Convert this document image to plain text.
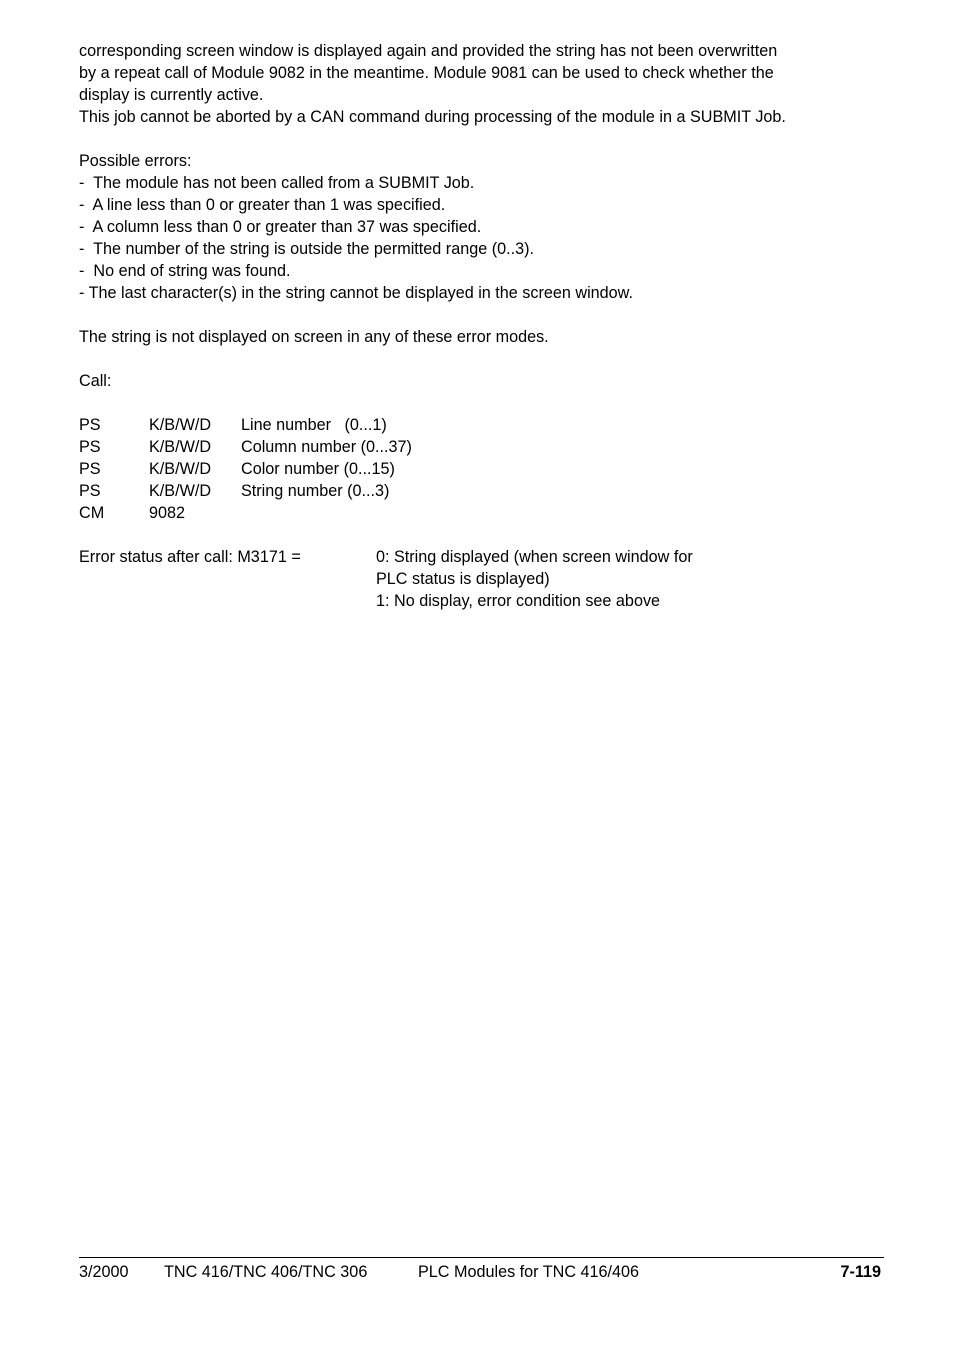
corresponding screen window is displayed again and provided the string has not been overwritten
by a repeat call of Module 9082 in the meantime. Module 9081 can be used to check whether the
display is currently active.
This job cannot be aborted by a CAN command during processing of the module in a SUBMIT Job.
Possible errors:
-  The module has not been called from a SUBMIT Job.
-  A line less than 0 or greater than 1 was specified.
-  A column less than 0 or greater than 37 was specified.
-  The number of the string is outside the permitted range (0..3).
-  No end of string was found.
- The last character(s) in the string cannot be displayed in the screen window.
The string is not displayed on screen in any of these error modes.
Call:
PS	K/B/W/D	Line number   (0...1)
PS	K/B/W/D	Column number (0...37)
PS	K/B/W/D	Color number (0...15)
PS	K/B/W/D	String number (0...3)
CM	9082
Error status after call: M3171 =	0: String displayed (when screen window for
PLC status is displayed)
1: No display, error condition see above

3/2000

TNC 416/TNC 406/TNC 306

	PLC Modules for TNC 416/406

	7-119
